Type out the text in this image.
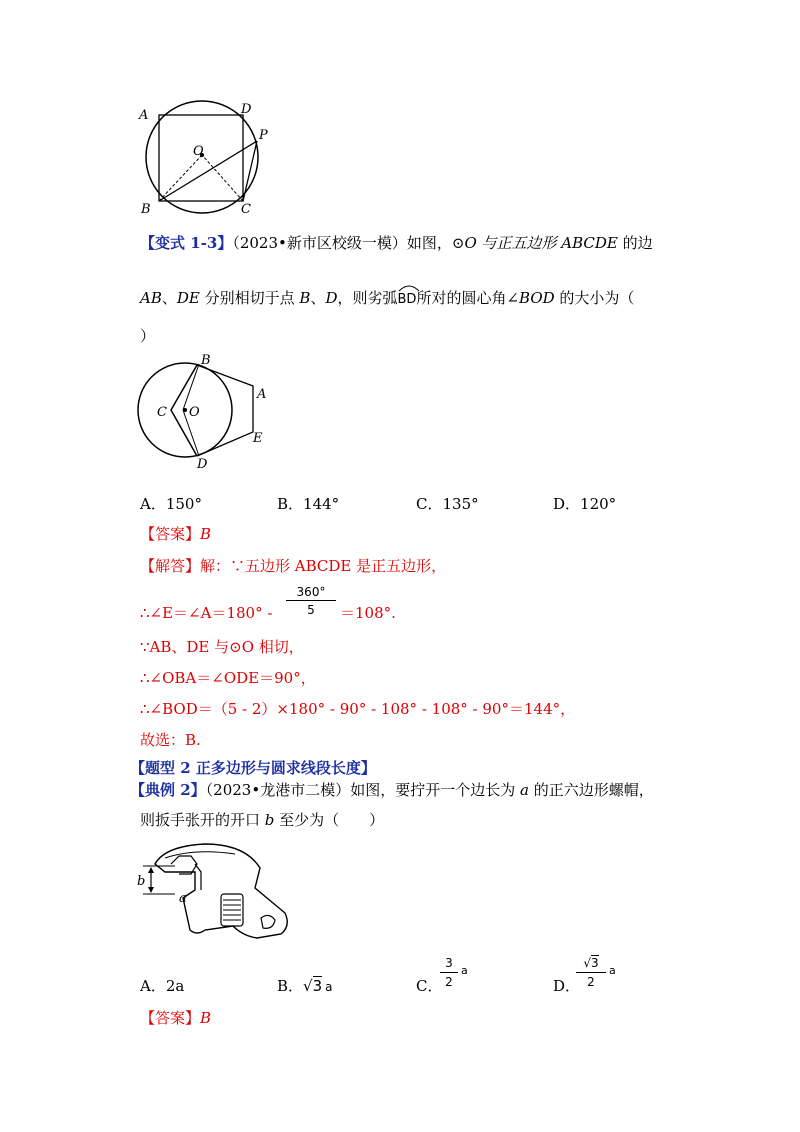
A	D
P
O
B	C
【变式 1-3】（2023•新市区校级一模）如图，⊙O 与正五边形 ABCDE 的边
AB、DE 分别相切于点 B、D，则劣弧
BD所对的圆心角∠BOD 的大小为（
）
B
A
C O
E
D
A．150°	B．144°	C．135°	D．120°
【答案】B
【解答】解：∵五边形 ABCDE 是正五边形，
∴∠E＝∠A＝180° -
360°
5	＝108°.
∵AB、DE 与⊙O 相切，
∴∠OBA＝∠ODE＝90°，
∴∠BOD＝（5 - 2）×180° - 90° - 108° - 108° - 90°＝144°，
故选：B.
【题型 2 正多边形与圆求线段长度】
【典例 2】（2023•龙港市二模）如图，要拧开一个边长为 a 的正六边形螺帽，
则扳手张开的开口 b 至少为（　　）
b
a
A．2a	B．√3 a	C．
3
2
a
D．
√3
2
a
【答案】B
